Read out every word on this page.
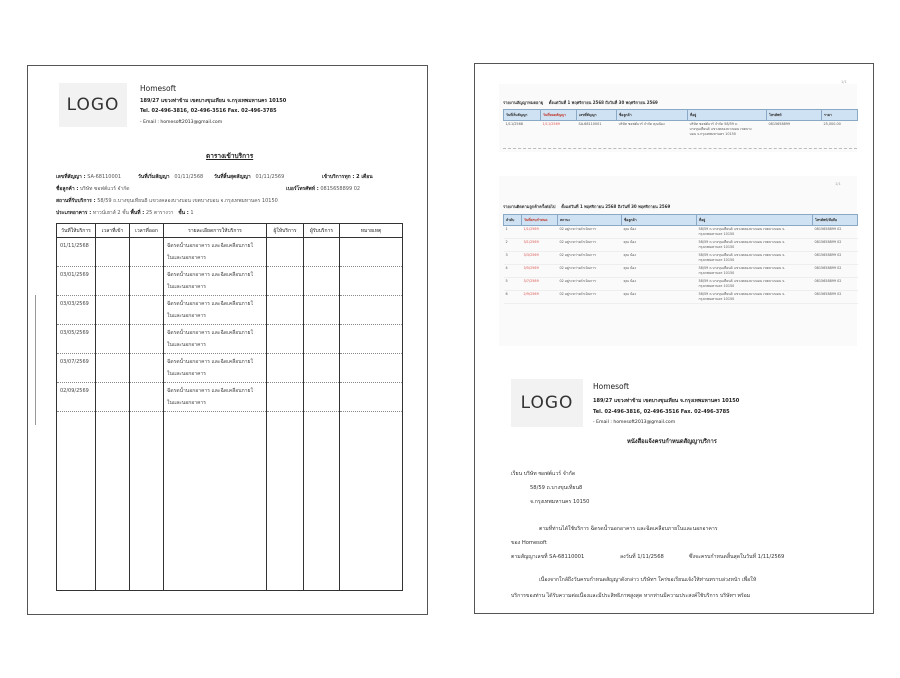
LOGO
Homesoft
189/27 แขวงท่าข้าม เขตบางขุนเทียน จ.กรุงเทพมหานคร 10150
Tel. 02-496-3816, 02-496-3516 Fax. 02-496-3785
- Email : homesoft2013@gmail.com
ตารางเข้าบริการ
เลขที่สัญญา : SA-68110001	วันที่เริ่มสัญญา 01/11/2568 วันที่สิ้นสุดสัญญา 01/11/2569	เข้าบริการทุก : 2 เดือน
ชื่อลูกค้า : บริษัท ซอฟต์แวร์ จำกัด	เบอร์โทรศัพท์ : 0815658899 02
สถานที่รับบริการ : 58/59 ถ.บางขุนเทียน8 แขวงคลองบางบอน เขตบางบอน จ.กรุงเทพมหานคร 10150
ประเภทอาคาร : ทาวน์เฮาส์ 2 ชั้น พื้นที่ : 25 ตารางวา ชั้น : 1
วันที่ให้บริการ	เวลาที่เข้า	เวลาที่ออก	รายละเอียดการให้บริการ	ผู้ให้บริการ	ผู้รับบริการ	หมายเหตุ
01/11/2568			ฉีดรดน้ำนอกอาคาร และฉีดเคลือบภายใ
ในและนอกอาคาร			
03/01/2569			ฉีดรดน้ำนอกอาคาร และฉีดเคลือบภายใ
ในและนอกอาคาร			
03/03/2569			ฉีดรดน้ำนอกอาคาร และฉีดเคลือบภายใ
ในและนอกอาคาร			
03/05/2569			ฉีดรดน้ำนอกอาคาร และฉีดเคลือบภายใ
ในและนอกอาคาร			
03/07/2569			ฉีดรดน้ำนอกอาคาร และฉีดเคลือบภายใ
ในและนอกอาคาร			
02/09/2569			ฉีดรดน้ำนอกอาคาร และฉีดเคลือบภายใ
ในและนอกอาคาร			

1/1
รายงานสัญญาหมดอายุ ตั้งแต่วันที่ 1 พฤศจิกายน 2568 ถึงวันที่ 30 พฤศจิกายน 2569
วันที่เริ่มสัญญา	วันที่หมดสัญญา	เลขที่สัญญา	ชื่อลูกค้า	ที่อยู่	โทรศัพท์	ราคา
1/11/2568	1/11/2569	SA-68110001	บริษัท ซอฟต์แวร์ จำกัด คุณน้อง	บริษัท ซอฟต์แวร์ จำกัด 58/59 ถ.
บางขุนเทียน8 แขวงคลองบางบอน เขตบาง
บอน จ.กรุงเทพมหานคร 10150	0815658899	25,000.00
1/1
รายงานติดตามลูกค้าครั้งต่อไป ตั้งแต่วันที่ 1 พฤศจิกายน 2568 ถึงวันที่ 30 พฤศจิกายน 2569
ลำดับ	วันที่ครบกำหนด	สถานะ	ชื่อลูกค้า	ที่อยู่	โทรศัพท์/มือถือ
1	1/1/2569	02 อยู่ระหว่างดำเนินการ	คุณ น้อง	58/59 ถ.บางขุนเทียน8 แขวงคลองบางบอน เขตบางบอน จ.
กรุงเทพมหานคร 10150	0815658899 02
2	3/1/2569	02 อยู่ระหว่างดำเนินการ	คุณ น้อง	58/59 ถ.บางขุนเทียน8 แขวงคลองบางบอน เขตบางบอน จ.
กรุงเทพมหานคร 10150	0815658899 02
3	3/3/2569	02 อยู่ระหว่างดำเนินการ	คุณ น้อง	58/59 ถ.บางขุนเทียน8 แขวงคลองบางบอน เขตบางบอน จ.
กรุงเทพมหานคร 10150	0815658899 02
4	3/5/2569	02 อยู่ระหว่างดำเนินการ	คุณ น้อง	58/59 ถ.บางขุนเทียน8 แขวงคลองบางบอน เขตบางบอน จ.
กรุงเทพมหานคร 10150	0815658899 02
5	3/7/2569	02 อยู่ระหว่างดำเนินการ	คุณ น้อง	58/59 ถ.บางขุนเทียน8 แขวงคลองบางบอน เขตบางบอน จ.
กรุงเทพมหานคร 10150	0815658899 02
6	2/9/2569	02 อยู่ระหว่างดำเนินการ	คุณ น้อง	58/59 ถ.บางขุนเทียน8 แขวงคลองบางบอน เขตบางบอน จ.
กรุงเทพมหานคร 10150	0815658899 02
LOGO
Homesoft
189/27 แขวงท่าข้าม เขตบางขุนเทียน จ.กรุงเทพมหานคร 10150
Tel. 02-496-3816, 02-496-3516 Fax. 02-496-3785
- Email : homesoft2013@gmail.com
หนังสือแจ้งครบกำหนดสัญญาบริการ
เรียน บริษัท ซอฟต์แวร์ จำกัด
58/59 ถ.บางขุนเทียน8
จ.กรุงเทพมหานคร 10150
ตามที่ท่านได้ใช้บริการ ฉีดรดน้ำนอกอาคาร และฉีดเคลือบภายในและนอกอาคาร
ของ Homesoft
ตามสัญญาเลขที่ SA-68110001	ลงวันที่ 1/11/2568	ซึ่งจะครบกำหนดสิ้นสุดในวันที่ 1/11/2569
เนื่องจากใกล้ถึงวันครบกำหนดสัญญาดังกล่าว บริษัทฯ ใคร่ขอเรียนแจ้งให้ท่านทราบล่วงหน้า เพื่อให้
บริการของท่าน ได้รับความต่อเนื่องและมีประสิทธิภาพสูงสุด หากท่านมีความประสงค์ใช้บริการ บริษัทฯ พร้อม
